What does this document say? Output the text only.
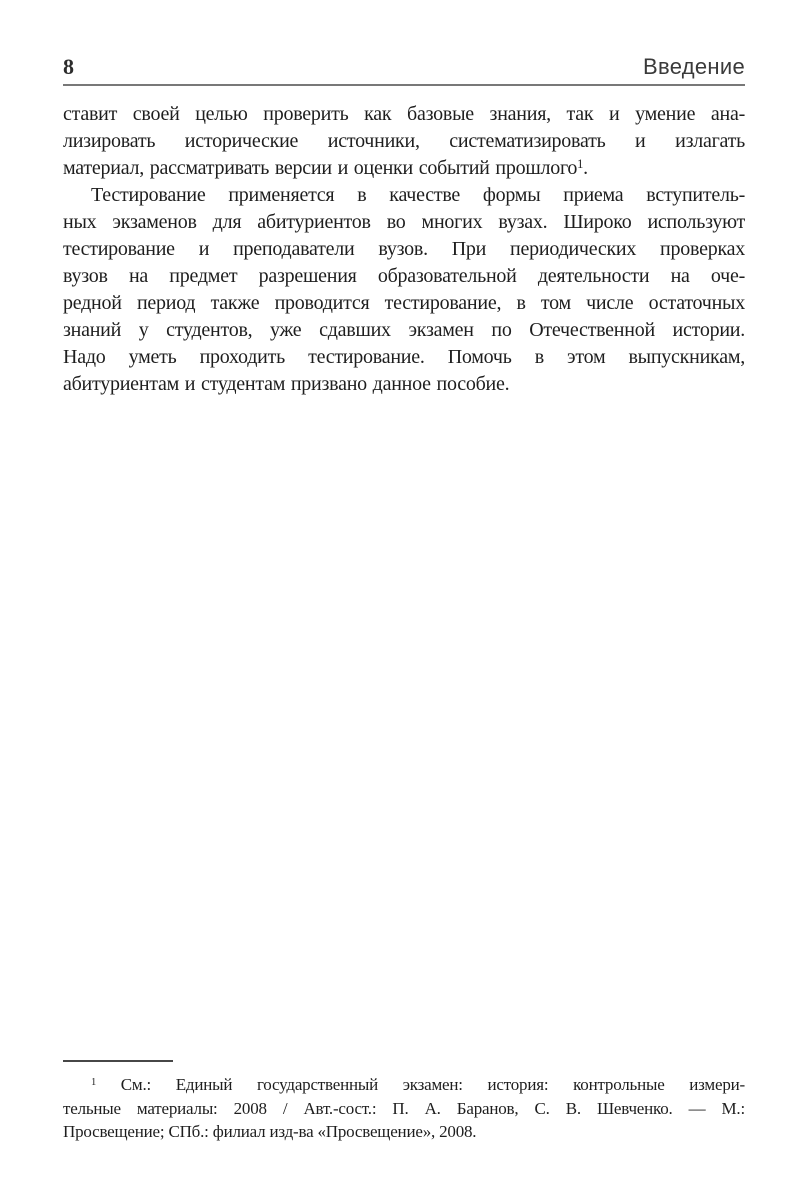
8	Введение
ставит своей целью проверить как базовые знания, так и умение ана-
лизировать исторические источники, систематизировать и излагать
материал, рассматривать версии и оценки событий прошлого$^1$.
Тестирование применяется в качестве формы приема вступитель-
ных экзаменов для абитуриентов во многих вузах. Широко используют
тестирование и преподаватели вузов. При периодических проверках
вузов на предмет разрешения образовательной деятельности на оче-
редной период также проводится тестирование, в том числе остаточных
знаний у студентов, уже сдавших экзамен по Отечественной истории.
Надо уметь проходить тестирование. Помочь в этом выпускникам,
абитуриентам и студентам призвано данное пособие.
$^1$ См.: Единый государственный экзамен: история: контрольные измери-
тельные материалы: 2008 / Авт.-сост.: П. А. Баранов, С. В. Шевченко. — М.:
Просвещение; СПб.: филиал изд-ва «Просвещение», 2008.
